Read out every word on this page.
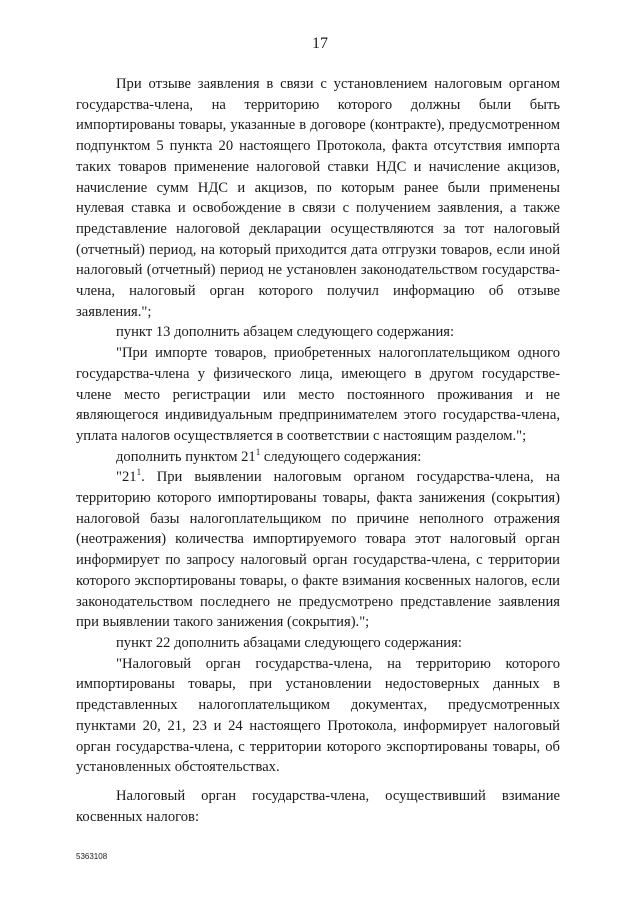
17

При отзыве заявления в связи с установлением налоговым органом государства-члена, на территорию которого должны были быть импортированы товары, указанные в договоре (контракте), предусмотренном подпунктом 5 пункта 20 настоящего Протокола, факта отсутствия импорта таких товаров применение налоговой ставки НДС и начисление акцизов, начисление сумм НДС и акцизов, по которым ранее были применены нулевая ставка и освобождение в связи с получением заявления, а также представление налоговой декларации осуществляются за тот налоговый (отчетный) период, на который приходится дата отгрузки товаров, если иной налоговый (отчетный) период не установлен законодательством государства-члена, налоговый орган которого получил информацию об отзыве заявления.";

пункт 13 дополнить абзацем следующего содержания:

"При импорте товаров, приобретенных налогоплательщиком одного государства-члена у физического лица, имеющего в другом государстве-члене место регистрации или место постоянного проживания и не являющегося индивидуальным предпринимателем этого государства-члена, уплата налогов осуществляется в соответствии с настоящим разделом.";

дополнить пунктом $21^1$ следующего содержания:

"$21^1$. При выявлении налоговым органом государства-члена, на территорию которого импортированы товары, факта занижения (сокрытия) налоговой базы налогоплательщиком по причине неполного отражения (неотражения) количества импортируемого товара этот налоговый орган информирует по запросу налоговый орган государства-члена, с территории которого экспортированы товары, о факте взимания косвенных налогов, если законодательством последнего не предусмотрено представление заявления при выявлении такого занижения (сокрытия).";

пункт 22 дополнить абзацами следующего содержания:

"Налоговый орган государства-члена, на территорию которого импортированы товары, при установлении недостоверных данных в представленных налогоплательщиком документах, предусмотренных пунктами 20, 21, 23 и 24 настоящего Протокола, информирует налоговый орган государства-члена, с территории которого экспортированы товары, об установленных обстоятельствах.

Налоговый орган государства-члена, осуществивший взимание косвенных налогов:

5363108
